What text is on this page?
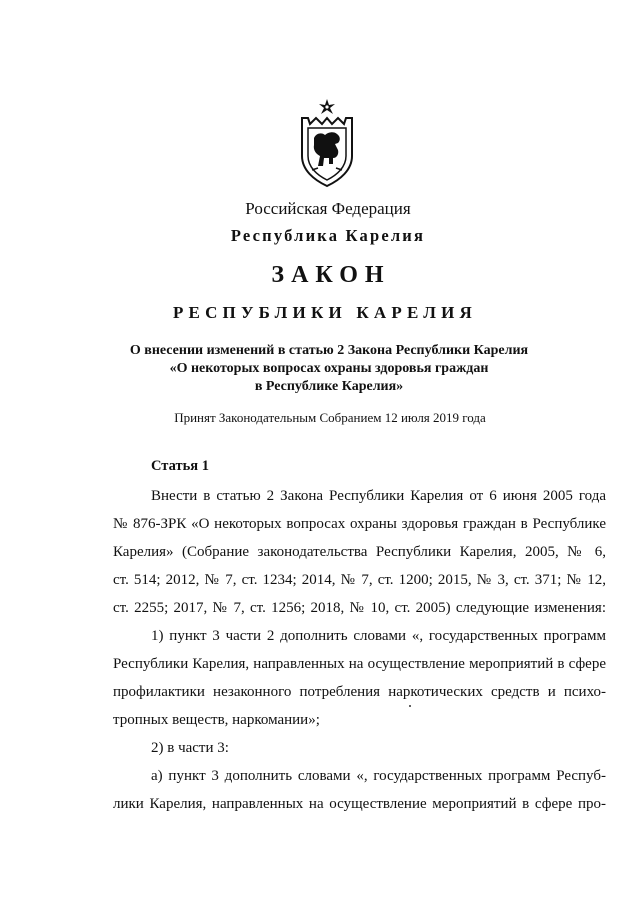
Российская Федерация
Республика Карелия
ЗАКОН
РЕСПУБЛИКИ КАРЕЛИЯ
О внесении изменений в статью 2 Закона Республики Карелия
«О некоторых вопросах охраны здоровья граждан
в Республике Карелия»
Принят Законодательным Собранием 12 июля 2019 года
Статья 1
Внести в статью 2 Закона Республики Карелия от 6 июня 2005 года
№ 876-ЗРК «О некоторых вопросах охраны здоровья граждан в Республике
Карелия» (Собрание законодательства Республики Карелия, 2005, № 6,
ст. 514; 2012, № 7, ст. 1234; 2014, № 7, ст. 1200; 2015, № 3, ст. 371; № 12,
ст. 2255; 2017, № 7, ст. 1256; 2018, № 10, ст. 2005) следующие изменения:
1) пункт 3 части 2 дополнить словами «, государственных программ
Республики Карелия, направленных на осуществление мероприятий в сфере
профилактики незаконного потребления наркотических средств и психо-
тропных веществ, наркомании»;
2) в части 3:
а) пункт 3 дополнить словами «, государственных программ Респуб-
лики Карелия, направленных на осуществление мероприятий в сфере про-
